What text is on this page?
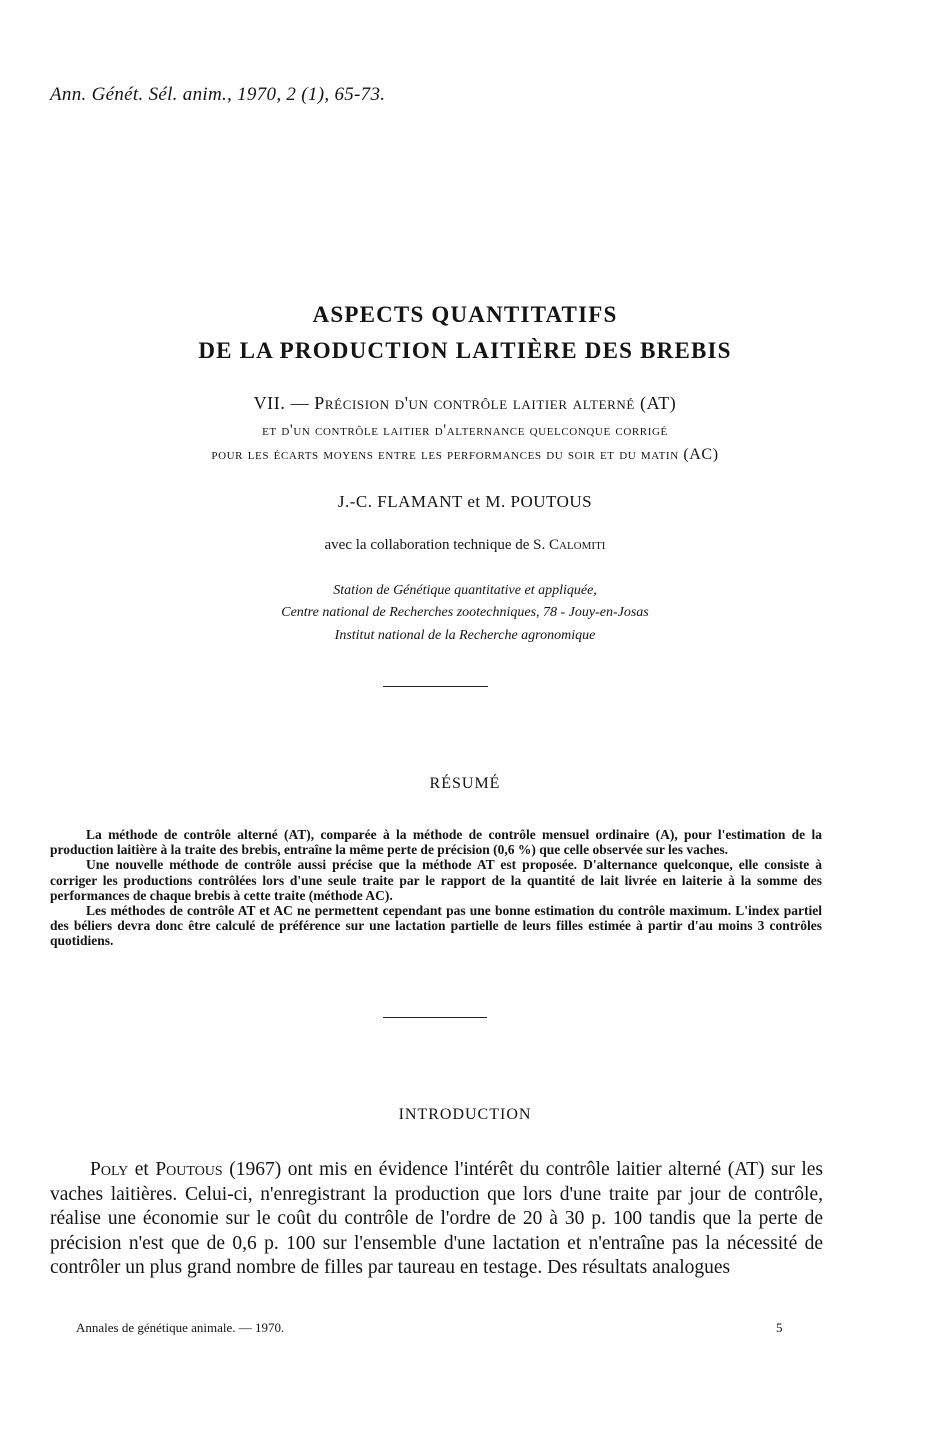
Ann. Génét. Sél. anim., 1970, 2 (1), 65-73.
ASPECTS QUANTITATIFS
DE LA PRODUCTION LAITIÈRE DES BREBIS
VII. — Précision d'un contrôle laitier alterné (AT)
et d'un contrôle laitier d'alternance quelconque corrigé
pour les écarts moyens entre les performances du soir et du matin (AC)
J.-C. FLAMANT et M. POUTOUS
avec la collaboration technique de S. Calomiti
Station de Génétique quantitative et appliquée,
Centre national de Recherches zootechniques, 78 - Jouy-en-Josas
Institut national de la Recherche agronomique
RÉSUMÉ

La méthode de contrôle alterné (AT), comparée à la méthode de contrôle mensuel ordinaire (A), pour l'estimation de la production laitière à la traite des brebis, entraîne la même perte de précision (0,6 %) que celle observée sur les vaches.

Une nouvelle méthode de contrôle aussi précise que la méthode AT est proposée. D'alternance quelconque, elle consiste à corriger les productions contrôlées lors d'une seule traite par le rapport de la quantité de lait livrée en laiterie à la somme des performances de chaque brebis à cette traite (méthode AC).

Les méthodes de contrôle AT et AC ne permettent cependant pas une bonne estimation du contrôle maximum. L'index partiel des béliers devra donc être calculé de préférence sur une lactation partielle de leurs filles estimée à partir d'au moins 3 contrôles quotidiens.

INTRODUCTION

Poly et Poutous (1967) ont mis en évidence l'intérêt du contrôle laitier alterné (AT) sur les vaches laitières. Celui-ci, n'enregistrant la production que lors d'une traite par jour de contrôle, réalise une économie sur le coût du contrôle de l'ordre de 20 à 30 p. 100 tandis que la perte de précision n'est que de 0,6 p. 100 sur l'ensemble d'une lactation et n'entraîne pas la nécessité de contrôler un plus grand nombre de filles par taureau en testage. Des résultats analogues

Annales de génétique animale. — 1970.	5
